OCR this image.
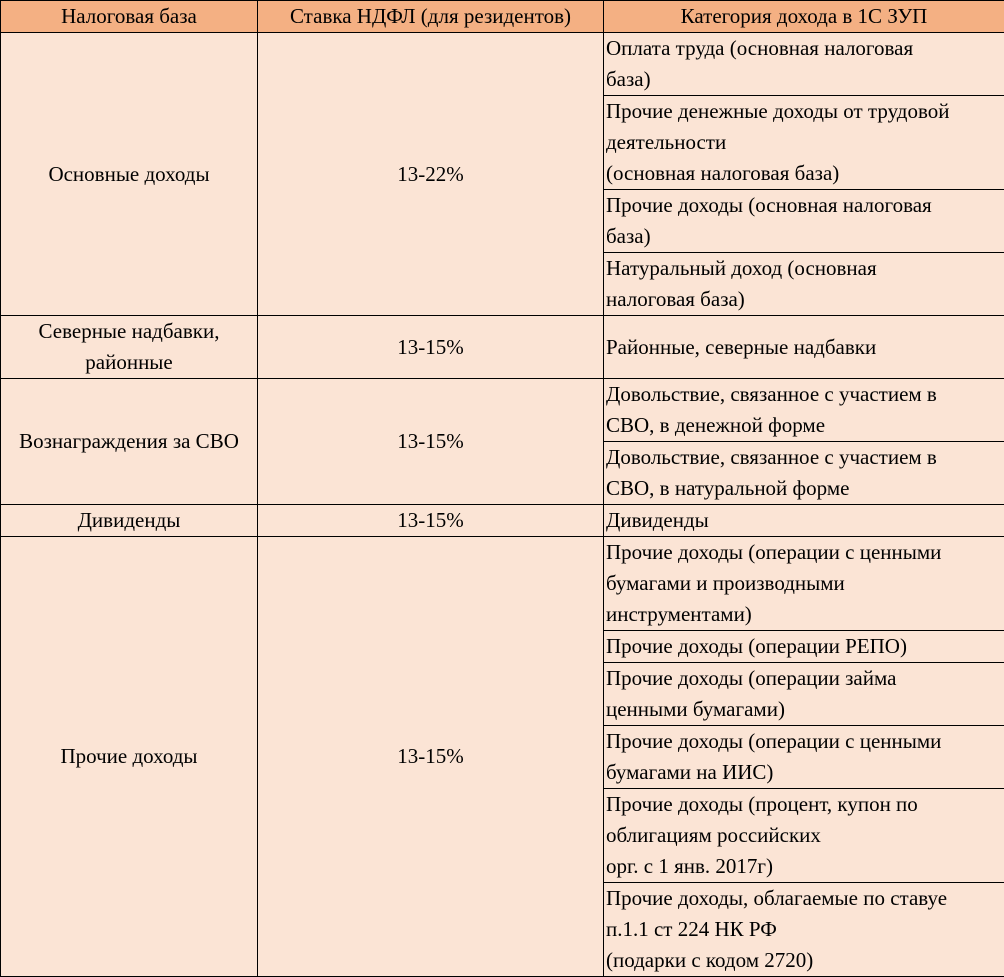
Налоговая база	Ставка НДФЛ (для резидентов)	Категория дохода в 1С ЗУП
Основные доходы	13-22%	Оплата труда (основная налоговая
база)
		Прочие денежные доходы от трудовой
деятельности
(основная налоговая база)
		Прочие доходы (основная налоговая
база)
		Натуральный доход (основная
налоговая база)
Северные надбавки,
районные	13-15%	Районные, северные надбавки
Вознаграждения за СВО	13-15%	Довольствие, связанное с участием в
СВО, в денежной форме
		Довольствие, связанное с участием в
СВО, в натуральной форме
Дивиденды	13-15%	Дивиденды
Прочие доходы	13-15%	Прочие доходы (операции с ценными
бумагами и производными
инструментами)
		Прочие доходы (операции РЕПО)
		Прочие доходы (операции займа
ценными бумагами)
		Прочие доходы (операции с ценными
бумагами на ИИС)
		Прочие доходы (процент, купон по
облигациям российских
орг. с 1 янв. 2017г)
		Прочие доходы, облагаемые по ставуе
п.1.1 ст 224 НК РФ
(подарки с кодом 2720)
